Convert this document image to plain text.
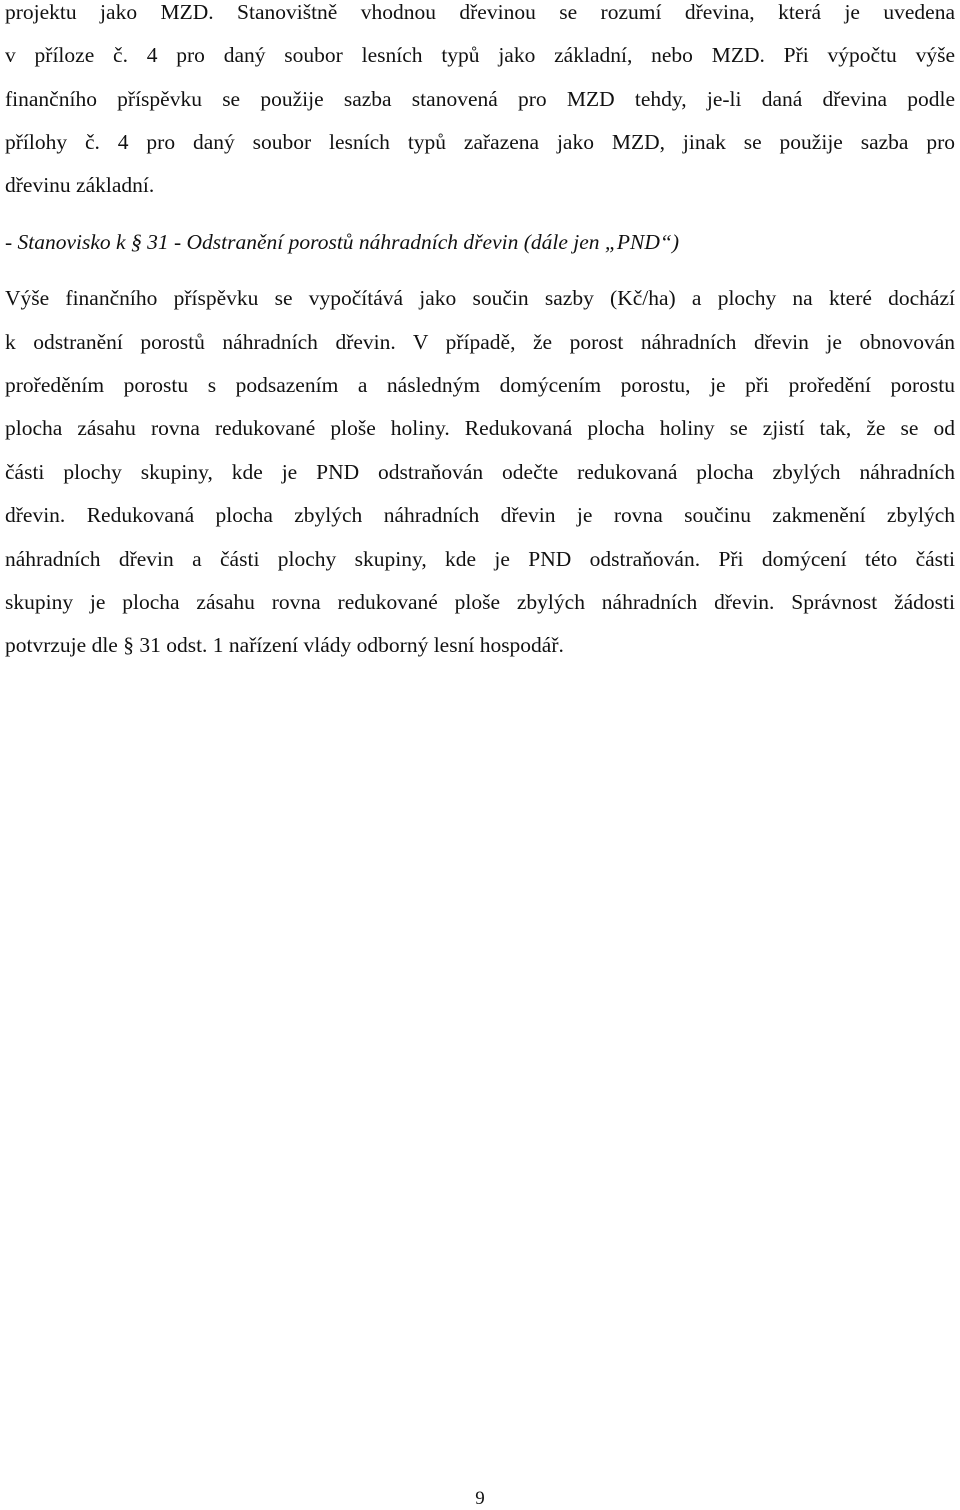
projektu jako MZD. Stanovištně vhodnou dřevinou se rozumí dřevina, která je uvedena
v příloze č. 4 pro daný soubor lesních typů jako základní, nebo MZD. Při výpočtu výše
finančního příspěvku se použije sazba stanovená pro MZD tehdy, je-li daná dřevina podle
přílohy č. 4 pro daný soubor lesních typů zařazena jako MZD, jinak se použije sazba pro
dřevinu základní.
- Stanovisko k § 31 - Odstranění porostů náhradních dřevin (dále jen „PND“)
Výše finančního příspěvku se vypočítává jako součin sazby (Kč/ha) a plochy na které dochází
k odstranění porostů náhradních dřevin. V případě, že porost náhradních dřevin je obnovován
proředěním porostu s podsazením a následným domýcením porostu, je při proředění porostu
plocha zásahu rovna redukované ploše holiny. Redukovaná plocha holiny se zjistí tak, že se od
části plochy skupiny, kde je PND odstraňován odečte redukovaná plocha zbylých náhradních
dřevin. Redukovaná plocha zbylých náhradních dřevin je rovna součinu zakmenění zbylých
náhradních dřevin a části plochy skupiny, kde je PND odstraňován. Při domýcení této části
skupiny je plocha zásahu rovna redukované ploše zbylých náhradních dřevin. Správnost žádosti
potvrzuje dle § 31 odst. 1 nařízení vlády odborný lesní hospodář.
9
